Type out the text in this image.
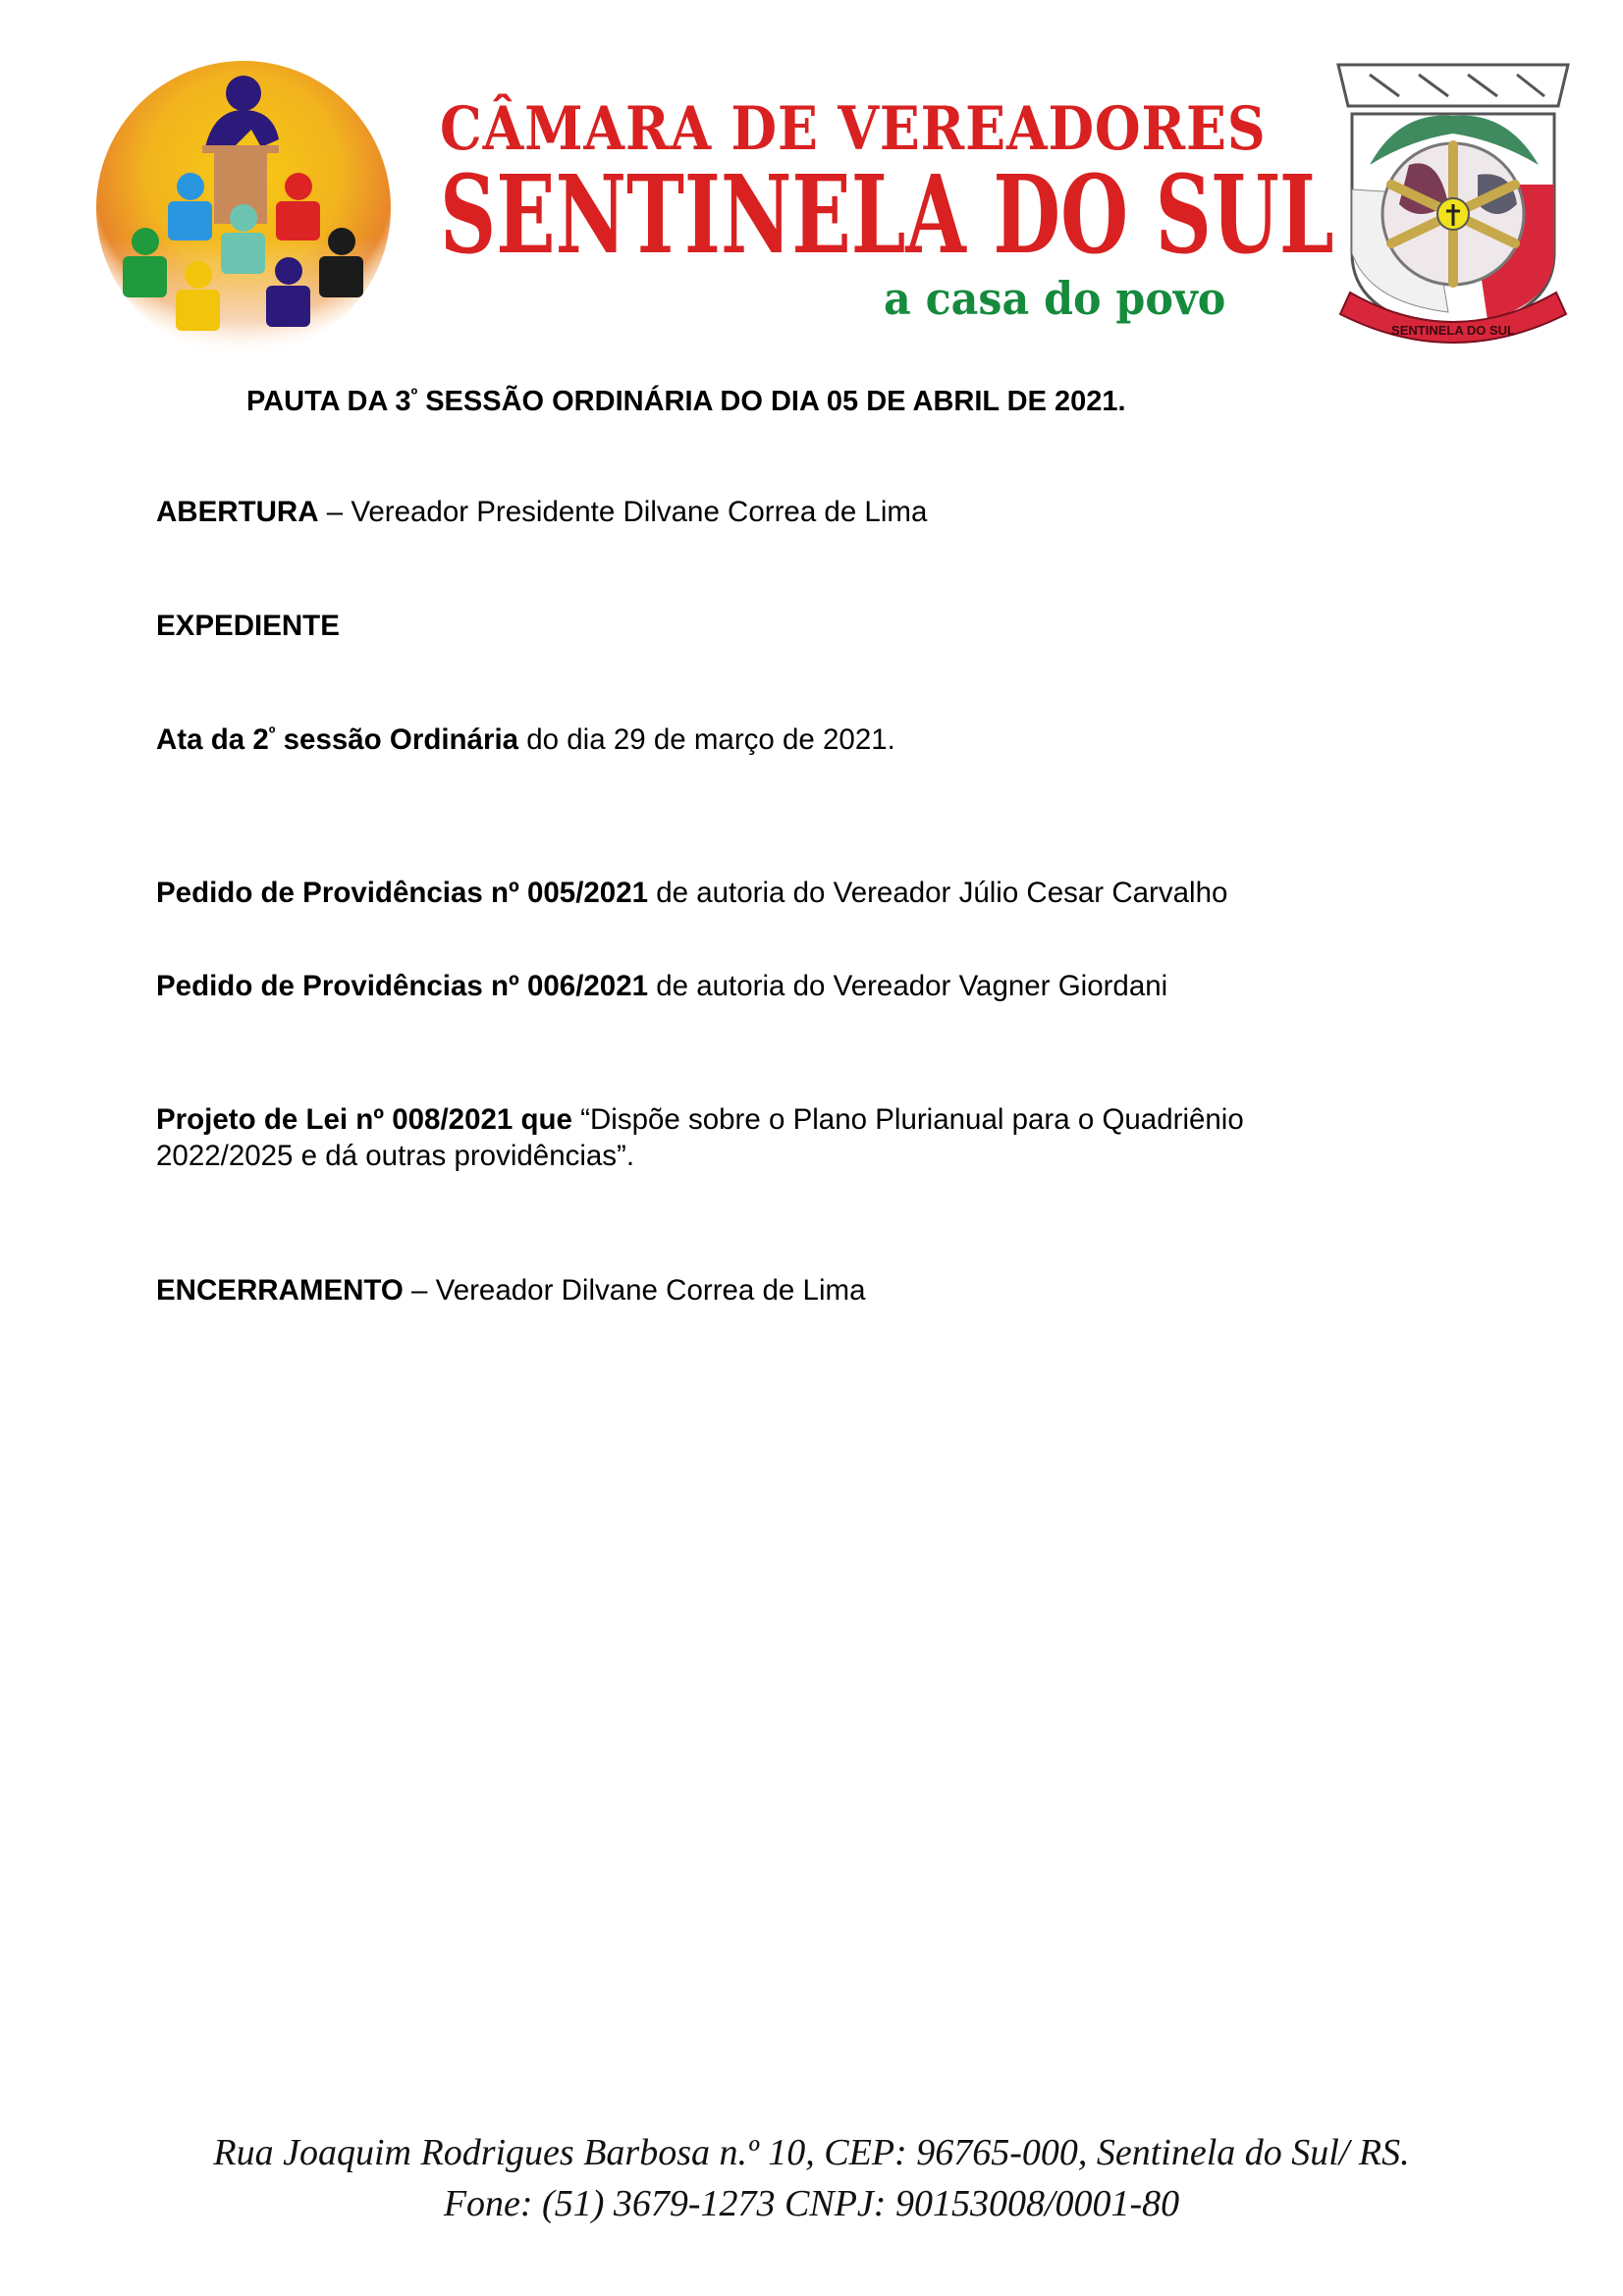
CÂMARA DE VEREADORES
SENTINELA DO SUL
a casa do povo
SENTINELA DO SUL
PAUTA DA $3^º$ SESSÃO ORDINÁRIA DO DIA 05 DE ABRIL DE 2021.
ABERTURA – Vereador Presidente Dilvane Correa de Lima
EXPEDIENTE
Ata da $2^º$ sessão Ordinária do dia 29 de março de 2021.
Pedido de Providências nº 005/2021 de autoria do Vereador Júlio Cesar Carvalho
Pedido de Providências nº 006/2021 de autoria do Vereador Vagner Giordani
Projeto de Lei nº 008/2021 que “Dispõe sobre o Plano Plurianual para o Quadriênio
2022/2025 e dá outras providências”.
ENCERRAMENTO – Vereador Dilvane Correa de Lima
Rua Joaquim Rodrigues Barbosa n.º 10, CEP: 96765-000, Sentinela do Sul/ RS.
Fone: (51) 3679-1273 CNPJ: 90153008/0001-80
